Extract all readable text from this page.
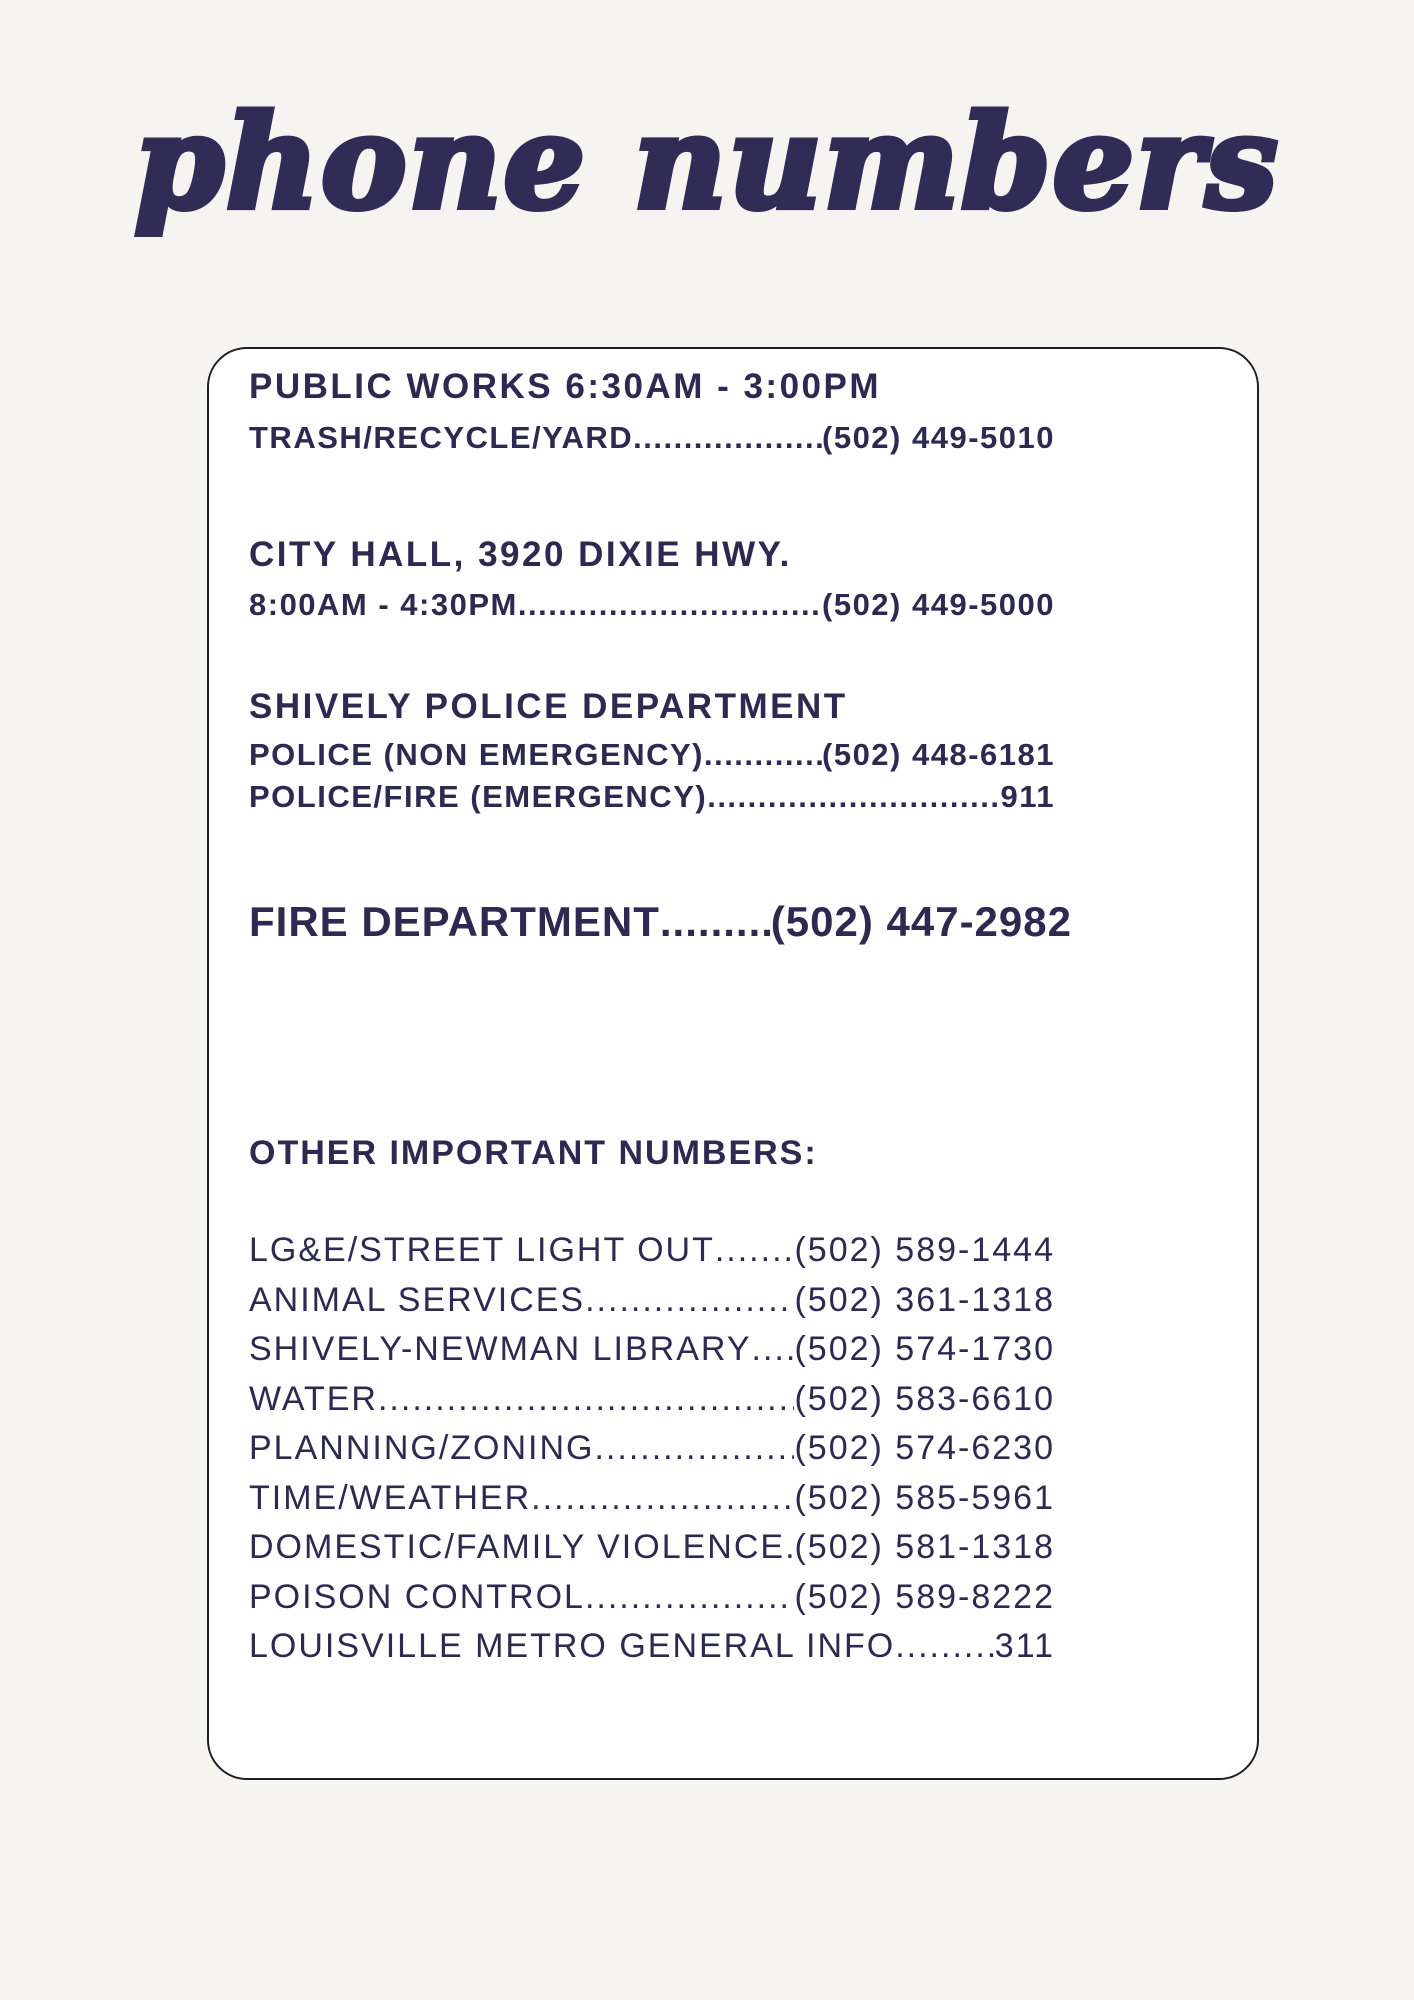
phone numbers
PUBLIC WORKS 6:30AM - 3:00PM
TRASH/RECYCLE/YARD .....	(502) 449-5010
CITY HALL, 3920 DIXIE HWY.
8:00AM - 4:30PM .....	(502) 449-5000
SHIVELY POLICE DEPARTMENT
POLICE (NON EMERGENCY) .....	(502) 448-6181
POLICE/FIRE (EMERGENCY) .....	911
FIRE DEPARTMENT .....	(502) 447-2982
OTHER IMPORTANT NUMBERS:
LG&E/STREET LIGHT OUT ..... (502) 589-1444
ANIMAL SERVICES .....	(502) 361-1318
SHIVELY-NEWMAN LIBRARY ..... (502) 574-1730
WATER .....	(502) 583-6610
PLANNING/ZONING .....	(502) 574-6230
TIME/WEATHER .....	(502) 585-5961
DOMESTIC/FAMILY VIOLENCE ..... (502) 581-1318
POISON CONTROL .....	(502) 589-8222
LOUISVILLE METRO GENERAL INFO .....	311
